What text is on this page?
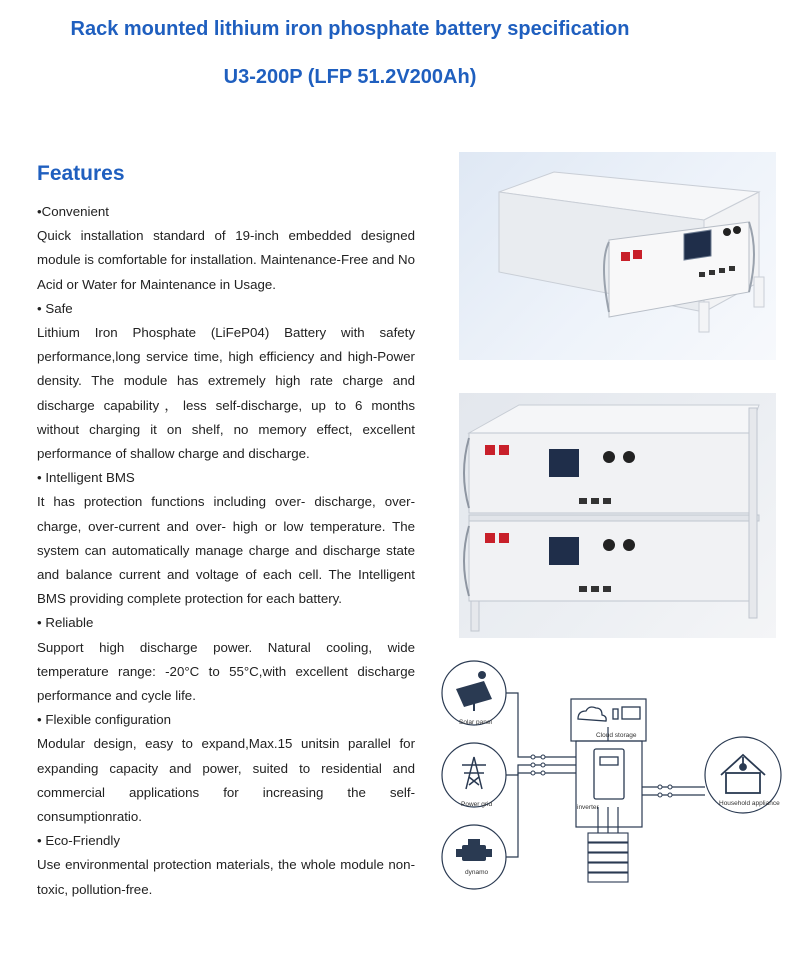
Rack mounted lithium iron phosphate battery specification
U3-200P (LFP 51.2V200Ah)
Features
•Convenient
Quick installation standard of 19-inch embedded designed module is comfortable for installation. Maintenance-Free and No Acid or Water for Maintenance in Usage.
• Safe
Lithium Iron Phosphate (LiFeP04) Battery with safety performance,long service time, high efficiency and high-Power density. The module has extremely high rate charge and discharge capability，less self-discharge, up to 6 months without charging it on shelf, no memory effect, excellent performance of shallow charge and discharge.
• Intelligent BMS
It has protection functions including over- discharge, over-charge, over-current and over- high or low temperature. The system can automatically manage charge and discharge state and balance current and voltage of each cell. The Intelligent BMS providing complete protection for each battery.
• Reliable
Support high discharge power. Natural cooling, wide temperature range: -20°C to 55°C,with excellent discharge performance and cycle life.
• Flexible configuration
Modular design, easy to expand,Max.15 unitsin parallel for expanding capacity and power, suited to residential and commercial applications for increasing the self-consumptionratio.
• Eco-Friendly
Use environmental protection materials, the whole module non-toxic, pollution-free.
Solar panel
Power grid
dynamo
Cloud storage
inverter
Household appliance
